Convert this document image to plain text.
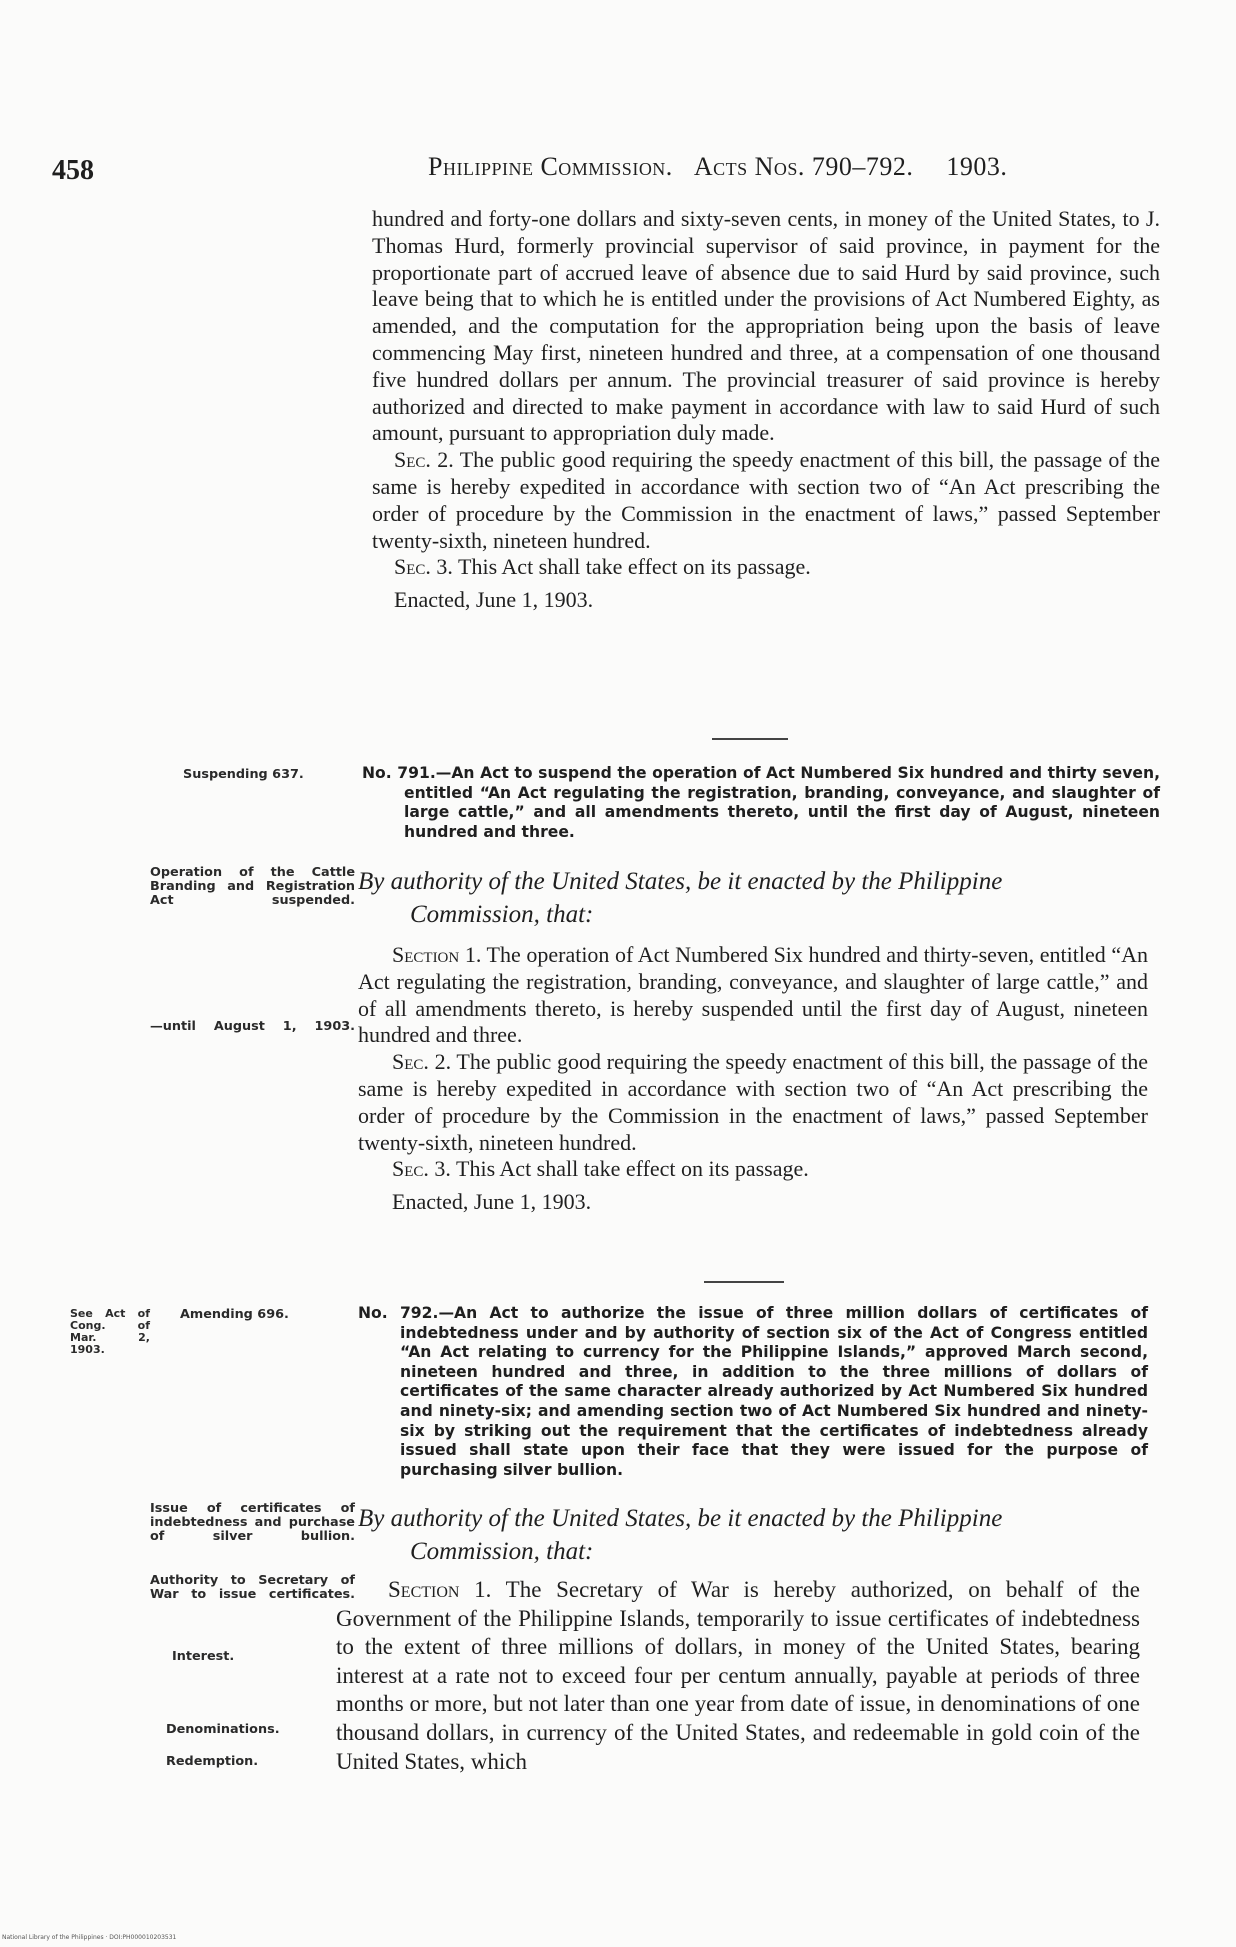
458	Philippine Commission. Acts Nos. 790–792. 1903.

hundred and forty-one dollars and sixty-seven cents, in money of the United States, to J. Thomas Hurd, formerly provincial supervisor of said province, in payment for the proportionate part of accrued leave of absence due to said Hurd by said province, such leave being that to which he is entitled under the provisions of Act Numbered Eighty, as amended, and the computation for the appropriation being upon the basis of leave commencing May first, nineteen hundred and three, at a compensation of one thousand five hundred dollars per annum. The provincial treasurer of said province is hereby authorized and directed to make payment in accordance with law to said Hurd of such amount, pursuant to appropriation duly made.

Sec. 2. The public good requiring the speedy enactment of this bill, the passage of the same is hereby expedited in accordance with section two of “An Act prescribing the order of procedure by the Commission in the enactment of laws,” passed September twenty-sixth, nineteen hundred.

Sec. 3. This Act shall take effect on its passage.

Enacted, June 1, 1903.

Suspending 637.	No. 791.—An Act to suspend the operation of Act Numbered Six hundred and thirty seven, entitled “An Act regulating the registration, branding, conveyance, and slaughter of large cattle,” and all amendments thereto, until the first day of August, nineteen hundred and three.
Operation of the Cattle Branding and Registration Act suspended.
By authority of the United States, be it enacted by the Philippine
Commission, that:
—until August 1, 1903.

Section 1. The operation of Act Numbered Six hundred and thirty-seven, entitled “An Act regulating the registration, branding, conveyance, and slaughter of large cattle,” and of all amendments thereto, is hereby suspended until the first day of August, nineteen hundred and three.

Sec. 2. The public good requiring the speedy enactment of this bill, the passage of the same is hereby expedited in accordance with section two of “An Act prescribing the order of procedure by the Commission in the enactment of laws,” passed September twenty-sixth, nineteen hundred.

Sec. 3. This Act shall take effect on its passage.

Enacted, June 1, 1903.

See Act of Cong. of Mar. 2, 1903.
Amending 696.	No. 792.—An Act to authorize the issue of three million dollars of certificates of indebtedness under and by authority of section six of the Act of Congress entitled “An Act relating to currency for the Philippine Islands,” approved March second, nineteen hundred and three, in addition to the three millions of dollars of certificates of the same character already authorized by Act Numbered Six hundred and ninety-six; and amending section two of Act Numbered Six hundred and ninety-six by striking out the requirement that the certificates of indebtedness already issued shall state upon their face that they were issued for the purpose of purchasing silver bullion.
Issue of certificates of indebtedness and purchase of silver bullion.
By authority of the United States, be it enacted by the Philippine
Commission, that:
Authority to Secretary of War to issue certificates.
Interest.
Denominations.
Redemption.

Section 1. The Secretary of War is hereby authorized, on behalf of the Government of the Philippine Islands, temporarily to issue certificates of indebtedness to the extent of three millions of dollars, in money of the United States, bearing interest at a rate not to exceed four per centum annually, payable at periods of three months or more, but not later than one year from date of issue, in denominations of one thousand dollars, in currency of the United States, and redeemable in gold coin of the United States, which

National Library of the Philippines · DOI:PH000010203531
